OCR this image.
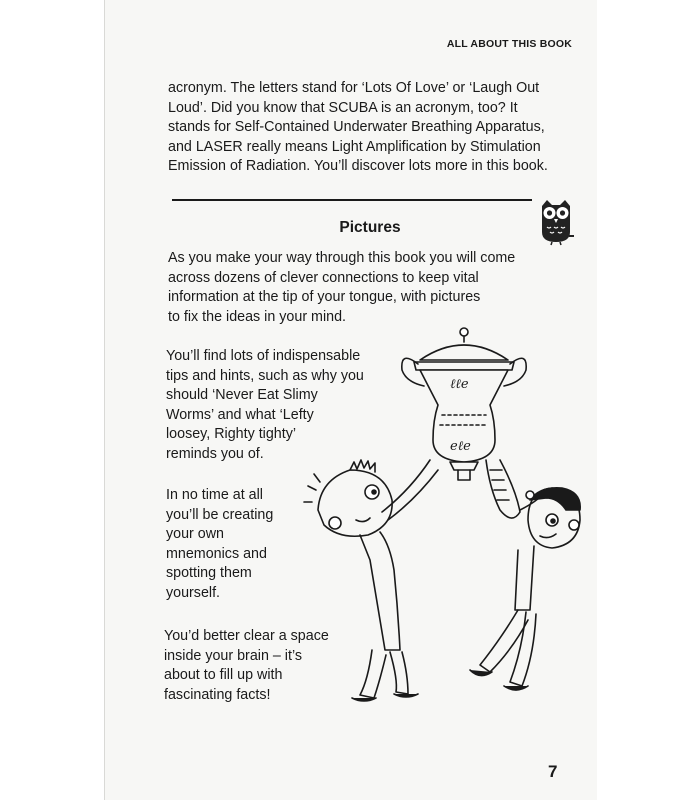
ALL ABOUT THIS BOOK

acronym. The letters stand for ‘Lots Of Love’ or ‘Laugh Out
Loud’. Did you know that SCUBA is an acronym, too? It
stands for Self-Contained Underwater Breathing Apparatus,
and LASER really means Light Amplification by Stimulation
Emission of Radiation. You’ll discover lots more in this book.

Pictures

As you make your way through this book you will come
across dozens of clever connections to keep vital
information at the tip of your tongue, with pictures
to fix the ideas in your mind.

You’ll find lots of indispensable
tips and hints, such as why you
should ‘Never Eat Slimy
Worms’ and what ‘Lefty
loosey, Righty tighty’
reminds you of.

In no time at all
you’ll be creating
your own
mnemonics and
spotting them
yourself.

You’d better clear a space
inside your brain – it’s
about to fill up with
fascinating facts!

ℓℓe
eℓe
7
